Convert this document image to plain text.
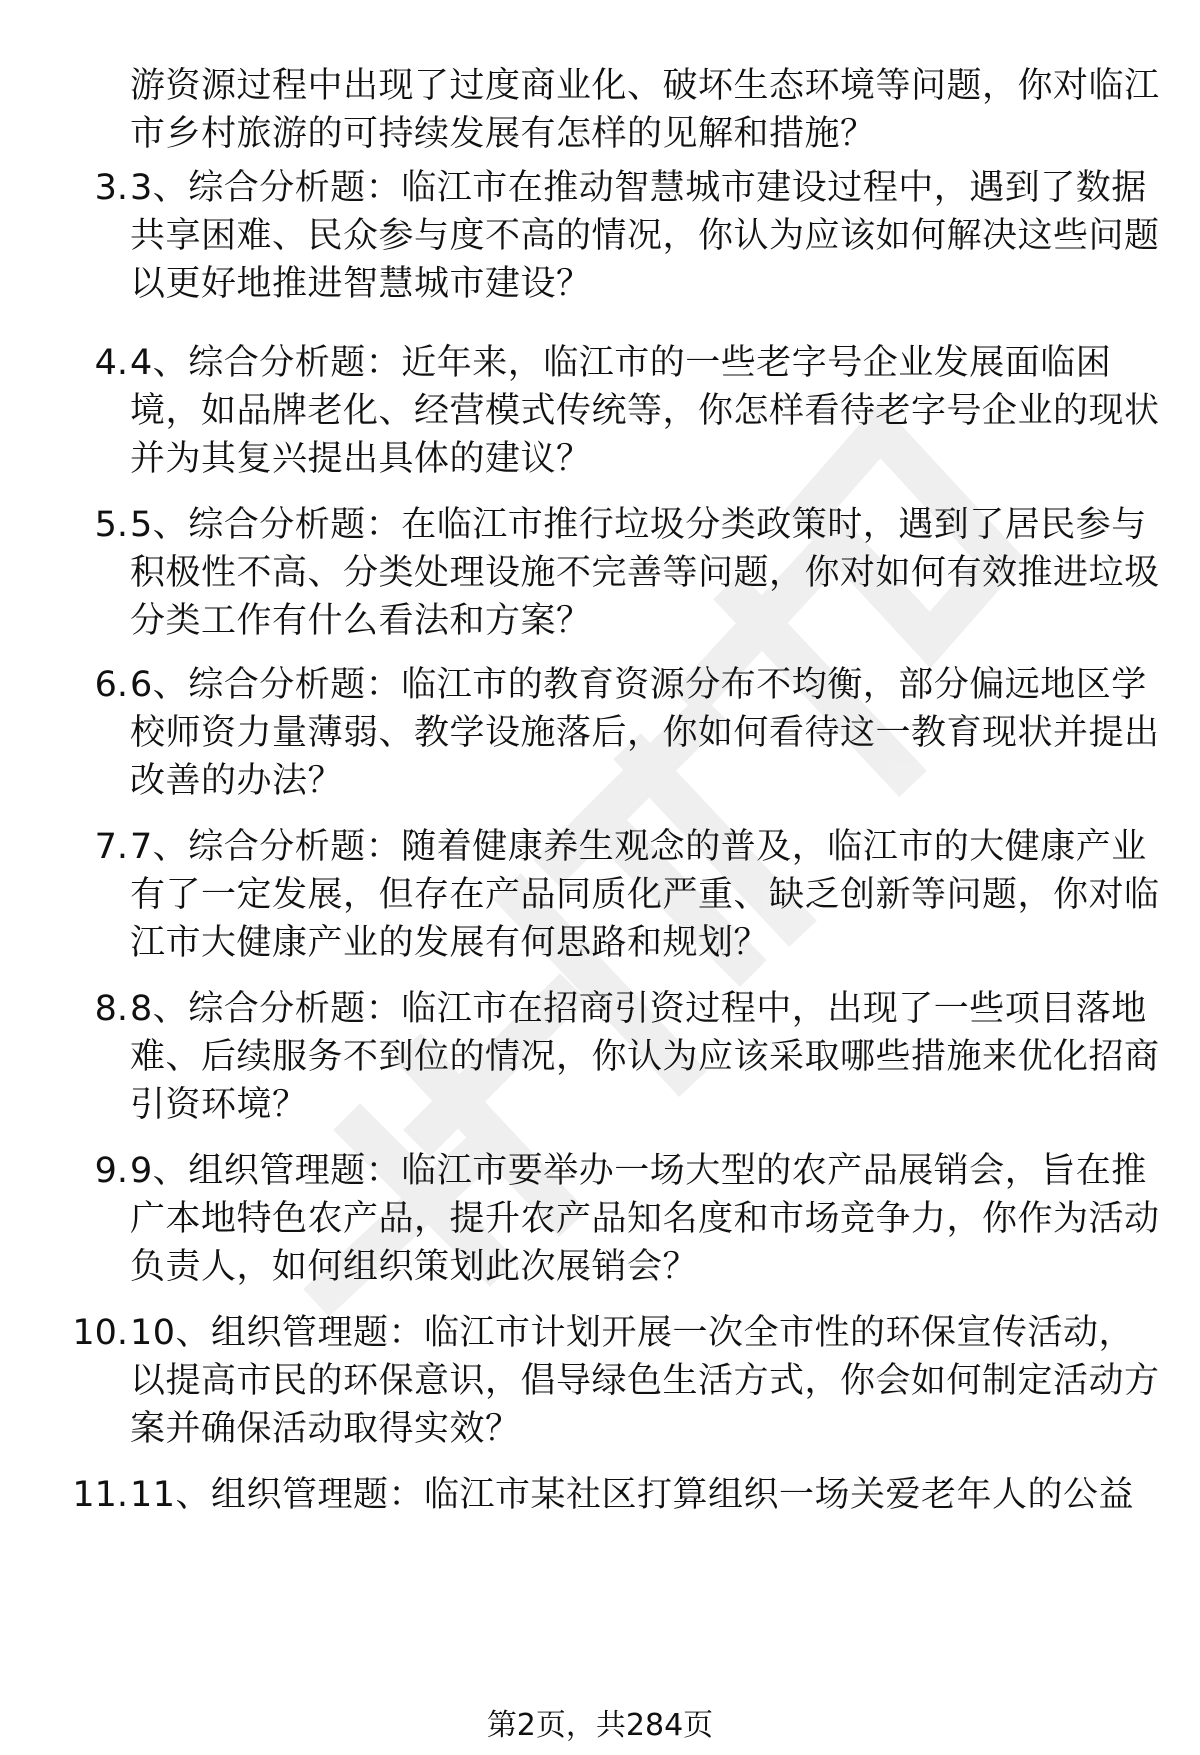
游资源过程中出现了过度商业化、破坏生态环境等问题，你对临江市乡村旅游的可持续发展有怎样的见解和措施？
3. 3、综合分析题：临江市在推动智慧城市建设过程中，遇到了数据共享困难、民众参与度不高的情况，你认为应该如何解决这些问题以更好地推进智慧城市建设？
4. 4、综合分析题：近年来，临江市的一些老字号企业发展面临困境，如品牌老化、经营模式传统等，你怎样看待老字号企业的现状并为其复兴提出具体的建议？
5. 5、综合分析题：在临江市推行垃圾分类政策时，遇到了居民参与积极性不高、分类处理设施不完善等问题，你对如何有效推进垃圾分类工作有什么看法和方案？
6. 6、综合分析题：临江市的教育资源分布不均衡，部分偏远地区学校师资力量薄弱、教学设施落后，你如何看待这一教育现状并提出改善的办法？
7. 7、综合分析题：随着健康养生观念的普及，临江市的大健康产业有了一定发展，但存在产品同质化严重、缺乏创新等问题，你对临江市大健康产业的发展有何思路和规划？
8. 8、综合分析题：临江市在招商引资过程中，出现了一些项目落地难、后续服务不到位的情况，你认为应该采取哪些措施来优化招商引资环境？
9. 9、组织管理题：临江市要举办一场大型的农产品展销会，旨在推广本地特色农产品，提升农产品知名度和市场竞争力，你作为活动负责人，如何组织策划此次展销会？
10. 10、组织管理题：临江市计划开展一次全市性的环保宣传活动，以提高市民的环保意识，倡导绿色生活方式，你会如何制定活动方案并确保活动取得实效？
11. 11、组织管理题：临江市某社区打算组织一场关爱老年人的公益
第2页，共284页
